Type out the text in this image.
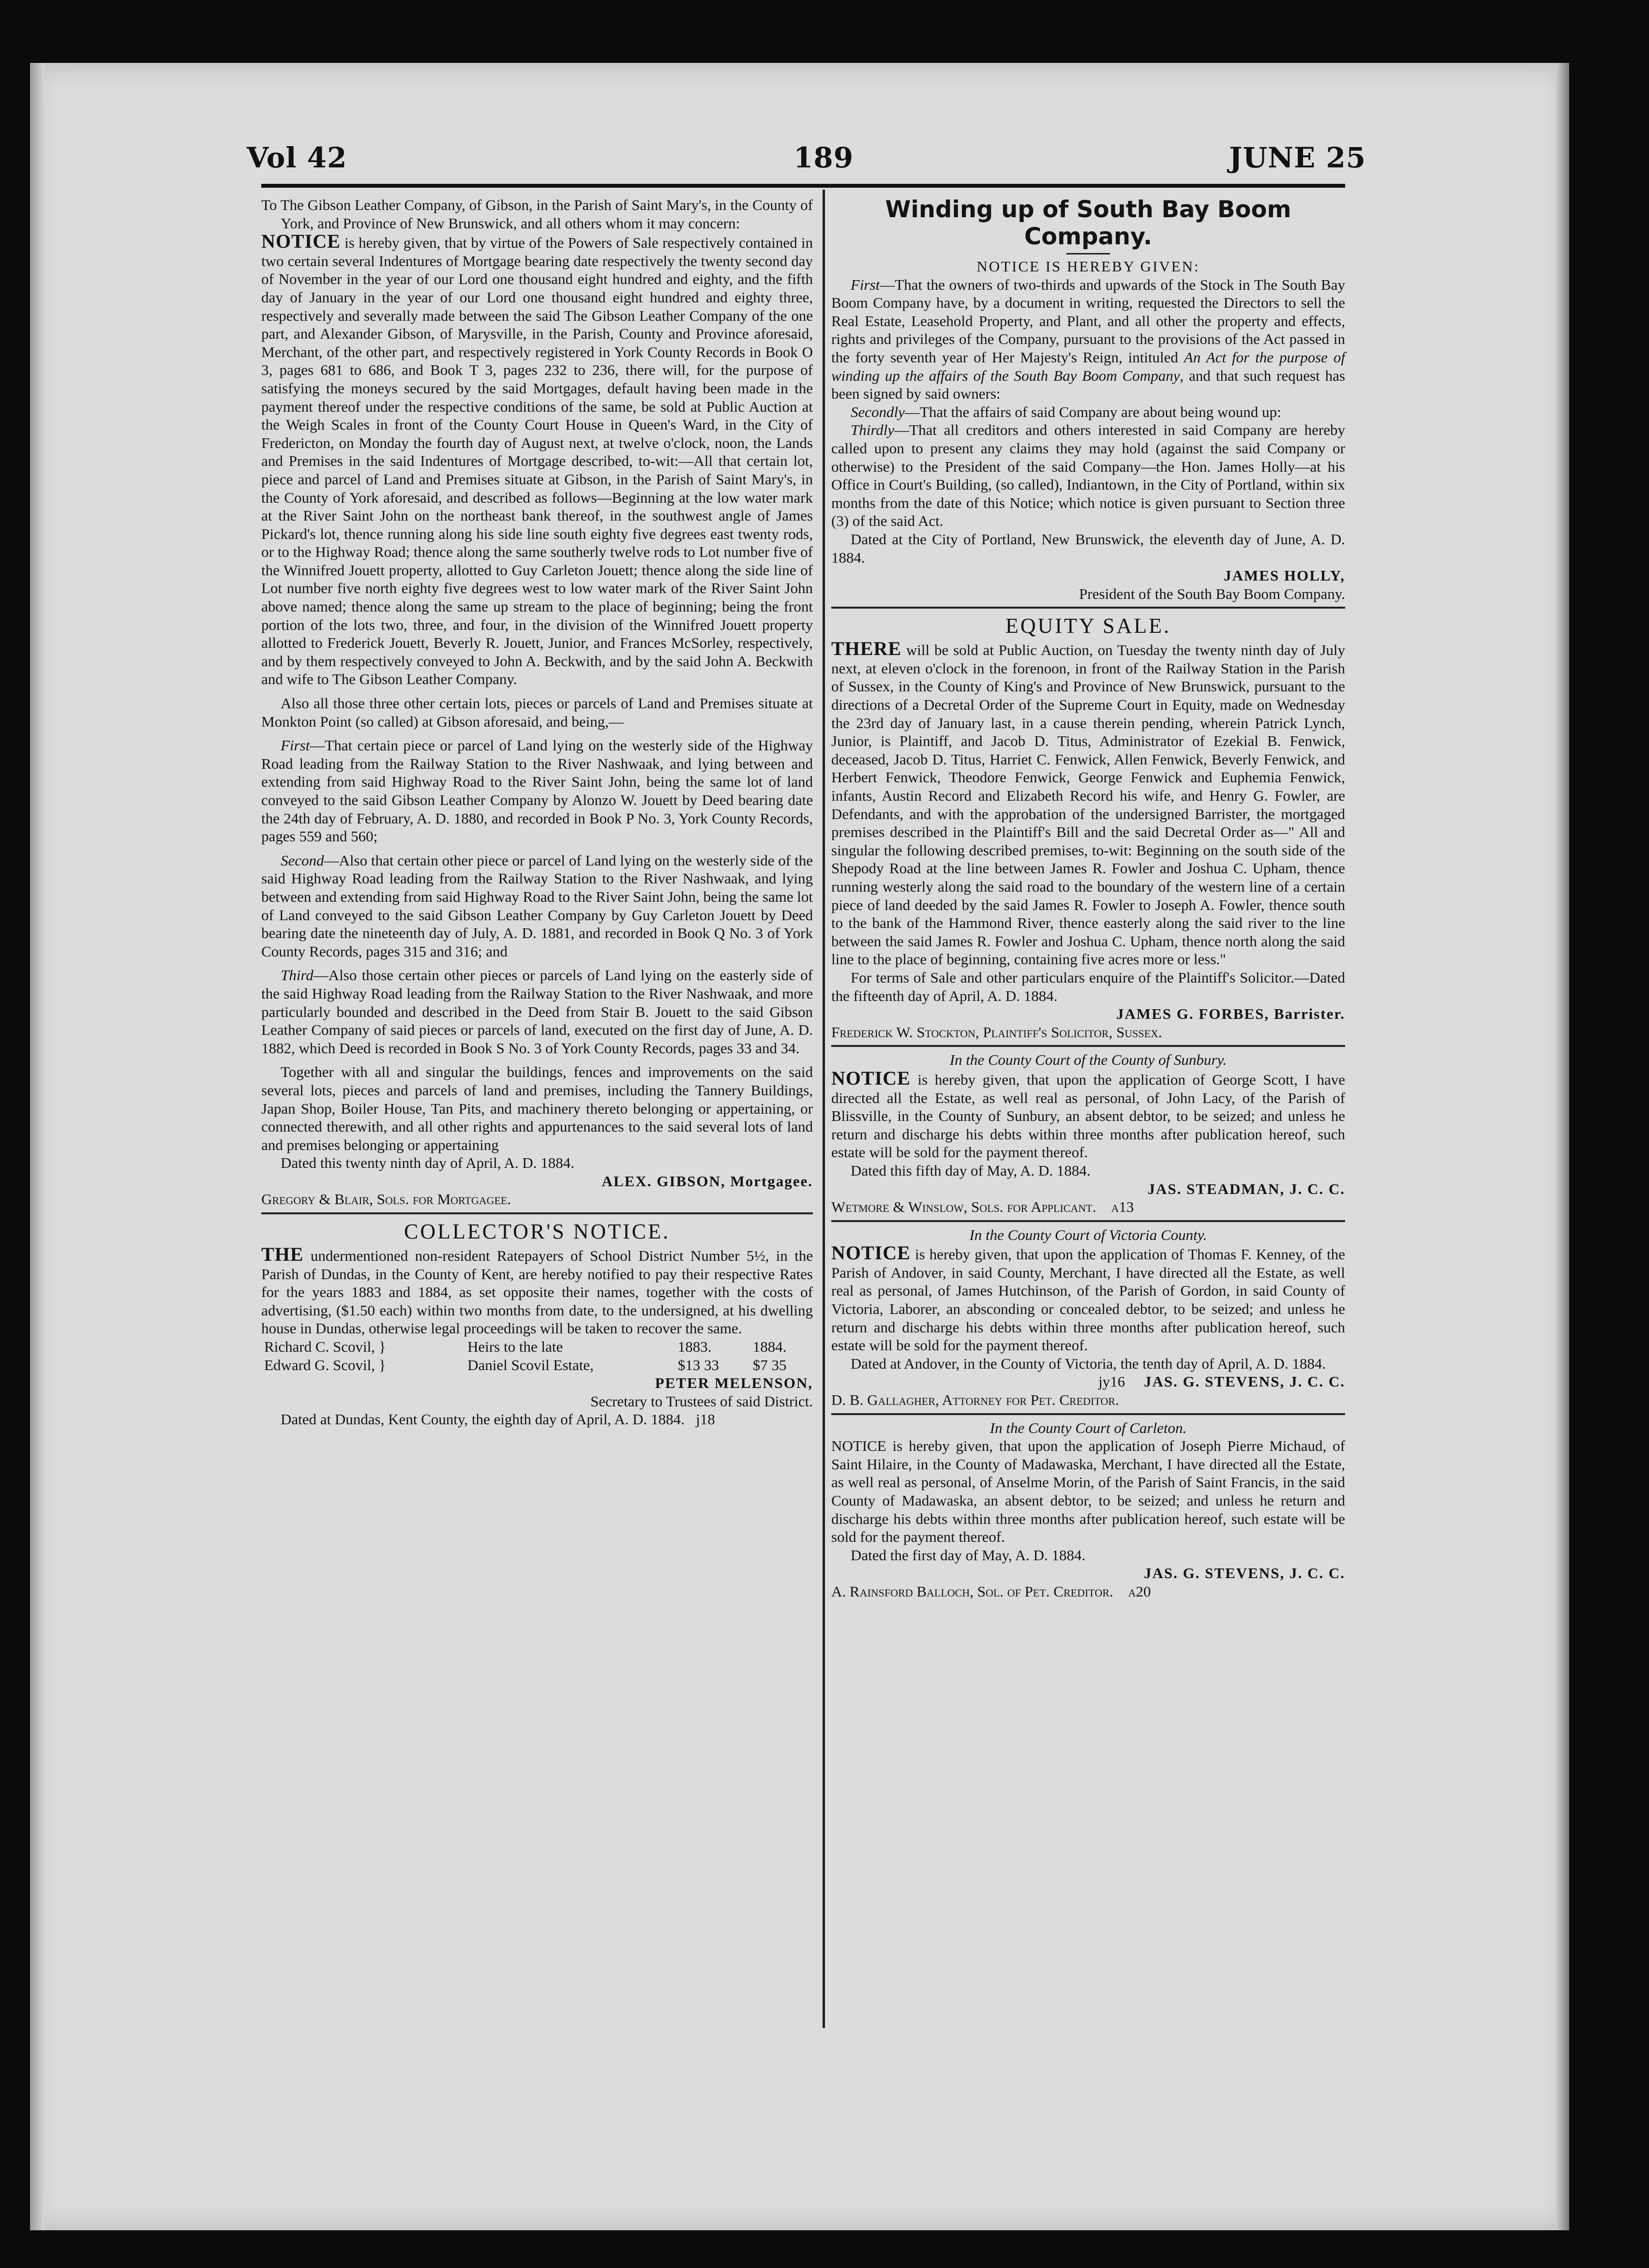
Vol 42	189	JUNE 25

To The Gibson Leather Company, of Gibson, in the Parish of Saint Mary's, in the County of York, and Province of New Brunswick, and all others whom it may concern:

NOTICE is hereby given, that by virtue of the Powers of Sale respectively contained in two certain several Indentures of Mortgage bearing date respectively the twenty second day of November in the year of our Lord one thousand eight hundred and eighty, and the fifth day of January in the year of our Lord one thousand eight hundred and eighty three, respectively and severally made between the said The Gibson Leather Company of the one part, and Alexander Gibson, of Marysville, in the Parish, County and Province aforesaid, Merchant, of the other part, and respectively registered in York County Records in Book O 3, pages 681 to 686, and Book T 3, pages 232 to 236, there will, for the purpose of satisfying the moneys secured by the said Mortgages, default having been made in the payment thereof under the respective conditions of the same, be sold at Public Auction at the Weigh Scales in front of the County Court House in Queen's Ward, in the City of Fredericton, on Monday the fourth day of August next, at twelve o'clock, noon, the Lands and Premises in the said Indentures of Mortgage described, to-wit:—All that certain lot, piece and parcel of Land and Premises situate at Gibson, in the Parish of Saint Mary's, in the County of York aforesaid, and described as follows—Beginning at the low water mark at the River Saint John on the northeast bank thereof, in the southwest angle of James Pickard's lot, thence running along his side line south eighty five degrees east twenty rods, or to the Highway Road; thence along the same southerly twelve rods to Lot number five of the Winnifred Jouett property, allotted to Guy Carleton Jouett; thence along the side line of Lot number five north eighty five degrees west to low water mark of the River Saint John above named; thence along the same up stream to the place of beginning; being the front portion of the lots two, three, and four, in the division of the Winnifred Jouett property allotted to Frederick Jouett, Beverly R. Jouett, Junior, and Frances McSorley, respectively, and by them respectively conveyed to John A. Beckwith, and by the said John A. Beckwith and wife to The Gibson Leather Company.

Also all those three other certain lots, pieces or parcels of Land and Premises situate at Monkton Point (so called) at Gibson aforesaid, and being,—

First—That certain piece or parcel of Land lying on the westerly side of the Highway Road leading from the Railway Station to the River Nashwaak, and lying between and extending from said Highway Road to the River Saint John, being the same lot of land conveyed to the said Gibson Leather Company by Alonzo W. Jouett by Deed bearing date the 24th day of February, A. D. 1880, and recorded in Book P No. 3, York County Records, pages 559 and 560;

Second—Also that certain other piece or parcel of Land lying on the westerly side of the said Highway Road leading from the Railway Station to the River Nashwaak, and lying between and extending from said Highway Road to the River Saint John, being the same lot of Land conveyed to the said Gibson Leather Company by Guy Carleton Jouett by Deed bearing date the nineteenth day of July, A. D. 1881, and recorded in Book Q No. 3 of York County Records, pages 315 and 316; and

Third—Also those certain other pieces or parcels of Land lying on the easterly side of the said Highway Road leading from the Railway Station to the River Nashwaak, and more particularly bounded and described in the Deed from Stair B. Jouett to the said Gibson Leather Company of said pieces or parcels of land, executed on the first day of June, A. D. 1882, which Deed is recorded in Book S No. 3 of York County Records, pages 33 and 34.

Together with all and singular the buildings, fences and improvements on the said several lots, pieces and parcels of land and premises, including the Tannery Buildings, Japan Shop, Boiler House, Tan Pits, and machinery thereto belonging or appertaining, or connected therewith, and all other rights and appurtenances to the said several lots of land and premises belonging or appertaining

Dated this twenty ninth day of April, A. D. 1884.

ALEX. GIBSON, Mortgagee.

Gregory & Blair, Sols. for Mortgagee.

COLLECTOR'S NOTICE.

THE undermentioned non-resident Ratepayers of School District Number 5½, in the Parish of Dundas, in the County of Kent, are hereby notified to pay their respective Rates for the years 1883 and 1884, as set opposite their names, together with the costs of advertising, ($1.50 each) within two months from date, to the undersigned, at his dwelling house in Dundas, otherwise legal proceedings will be taken to recover the same.

Richard C. Scovil, }	Heirs to the late	1883.	1884.
Edward G. Scovil, }	Daniel Scovil Estate,	$13 33	$7 35

PETER MELENSON,

Secretary to Trustees of said District.

Dated at Dundas, Kent County, the eighth day of April, A. D. 1884. j18

Winding up of South Bay Boom Company.

NOTICE IS HEREBY GIVEN:

First—That the owners of two-thirds and upwards of the Stock in The South Bay Boom Company have, by a document in writing, requested the Directors to sell the Real Estate, Leasehold Property, and Plant, and all other the property and effects, rights and privileges of the Company, pursuant to the provisions of the Act passed in the forty seventh year of Her Majesty's Reign, intituled An Act for the purpose of winding up the affairs of the South Bay Boom Company, and that such request has been signed by said owners:

Secondly—That the affairs of said Company are about being wound up:

Thirdly—That all creditors and others interested in said Company are hereby called upon to present any claims they may hold (against the said Company or otherwise) to the President of the said Company—the Hon. James Holly—at his Office in Court's Building, (so called), Indiantown, in the City of Portland, within six months from the date of this Notice; which notice is given pursuant to Section three (3) of the said Act.

Dated at the City of Portland, New Brunswick, the eleventh day of June, A. D. 1884.

JAMES HOLLY,

President of the South Bay Boom Company.

EQUITY SALE.

THERE will be sold at Public Auction, on Tuesday the twenty ninth day of July next, at eleven o'clock in the forenoon, in front of the Railway Station in the Parish of Sussex, in the County of King's and Province of New Brunswick, pursuant to the directions of a Decretal Order of the Supreme Court in Equity, made on Wednesday the 23rd day of January last, in a cause therein pending, wherein Patrick Lynch, Junior, is Plaintiff, and Jacob D. Titus, Administrator of Ezekial B. Fenwick, deceased, Jacob D. Titus, Harriet C. Fenwick, Allen Fenwick, Beverly Fenwick, and Herbert Fenwick, Theodore Fenwick, George Fenwick and Euphemia Fenwick, infants, Austin Record and Elizabeth Record his wife, and Henry G. Fowler, are Defendants, and with the approbation of the undersigned Barrister, the mortgaged premises described in the Plaintiff's Bill and the said Decretal Order as—" All and singular the following described premises, to-wit: Beginning on the south side of the Shepody Road at the line between James R. Fowler and Joshua C. Upham, thence running westerly along the said road to the boundary of the western line of a certain piece of land deeded by the said James R. Fowler to Joseph A. Fowler, thence south to the bank of the Hammond River, thence easterly along the said river to the line between the said James R. Fowler and Joshua C. Upham, thence north along the said line to the place of beginning, containing five acres more or less."

For terms of Sale and other particulars enquire of the Plaintiff's Solicitor.—Dated the fifteenth day of April, A. D. 1884.

JAMES G. FORBES, Barrister.

Frederick W. Stockton, Plaintiff's Solicitor, Sussex.

In the County Court of the County of Sunbury.

NOTICE is hereby given, that upon the application of George Scott, I have directed all the Estate, as well real as personal, of John Lacy, of the Parish of Blissville, in the County of Sunbury, an absent debtor, to be seized; and unless he return and discharge his debts within three months after publication hereof, such estate will be sold for the payment thereof.

Dated this fifth day of May, A. D. 1884.

JAS. STEADMAN, J. C. C.

Wetmore & Winslow, Sols. for Applicant. a13

In the County Court of Victoria County.

NOTICE is hereby given, that upon the application of Thomas F. Kenney, of the Parish of Andover, in said County, Merchant, I have directed all the Estate, as well real as personal, of James Hutchinson, of the Parish of Gordon, in said County of Victoria, Laborer, an absconding or concealed debtor, to be seized; and unless he return and discharge his debts within three months after publication hereof, such estate will be sold for the payment thereof.

Dated at Andover, in the County of Victoria, the tenth day of April, A. D. 1884.

jy16 JAS. G. STEVENS, J. C. C.

D. B. Gallagher, Attorney for Pet. Creditor.

In the County Court of Carleton.

NOTICE is hereby given, that upon the application of Joseph Pierre Michaud, of Saint Hilaire, in the County of Madawaska, Merchant, I have directed all the Estate, as well real as personal, of Anselme Morin, of the Parish of Saint Francis, in the said County of Madawaska, an absent debtor, to be seized; and unless he return and discharge his debts within three months after publication hereof, such estate will be sold for the payment thereof.

Dated the first day of May, A. D. 1884.

JAS. G. STEVENS, J. C. C.

A. Rainsford Balloch, Sol. of Pet. Creditor. a20
